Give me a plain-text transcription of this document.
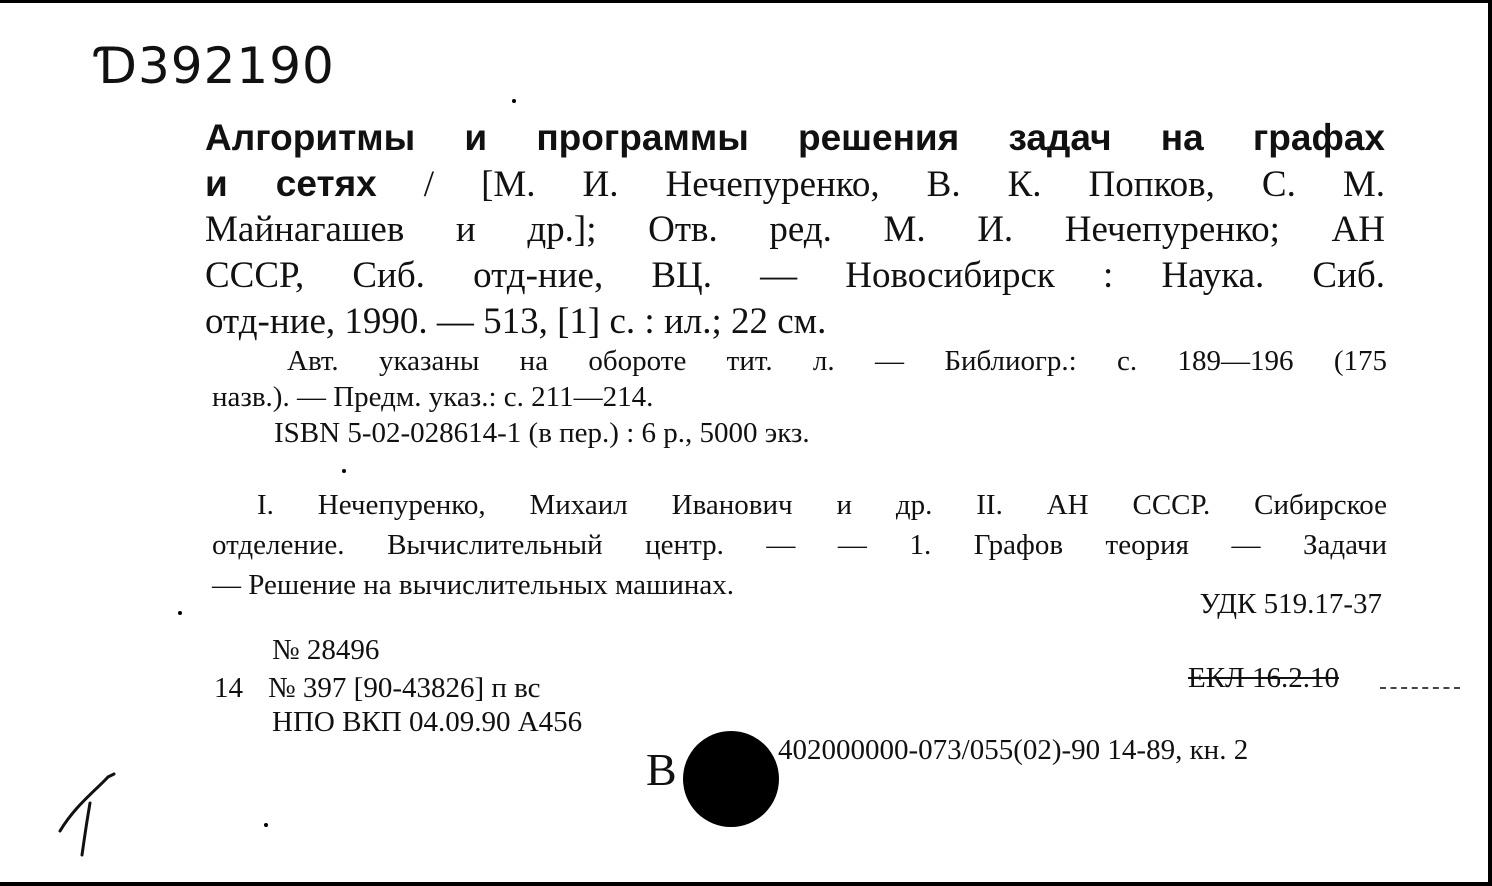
Ɗ392190
Алгоритмы и программы решения задач на графах
и сетях / [M. И. Нечепуренко, В. К. Попков, С. М.
Майнагашев и др.]; Отв. ред. М. И. Нечепуренко; АН
СССР, Сиб. отд-ние, ВЦ. — Новосибирск : Наука. Сиб.
отд-ние, 1990. — 513, [1] с. : ил.; 22 см.
Авт. указаны на обороте тит. л. — Библиогр.: с. 189—196 (175
назв.). — Предм. указ.: с. 211—214.
ISBN 5-02-028614-1 (в пер.) : 6 р., 5000 экз.
I. Нечепуренко, Михаил Иванович и др. II. АН СССР. Сибирское
отделение. Вычислительный центр. — — 1. Графов теория — Задачи
— Решение на вычислительных машинах.
УДК 519.17-37
№ 28496
14 № 397 [90-43826] п вс
НПО ВКП 04.09.90 А456
ЕКЛ 16.2.10
В	402000000-073/055(02)-90 14-89, кн. 2
